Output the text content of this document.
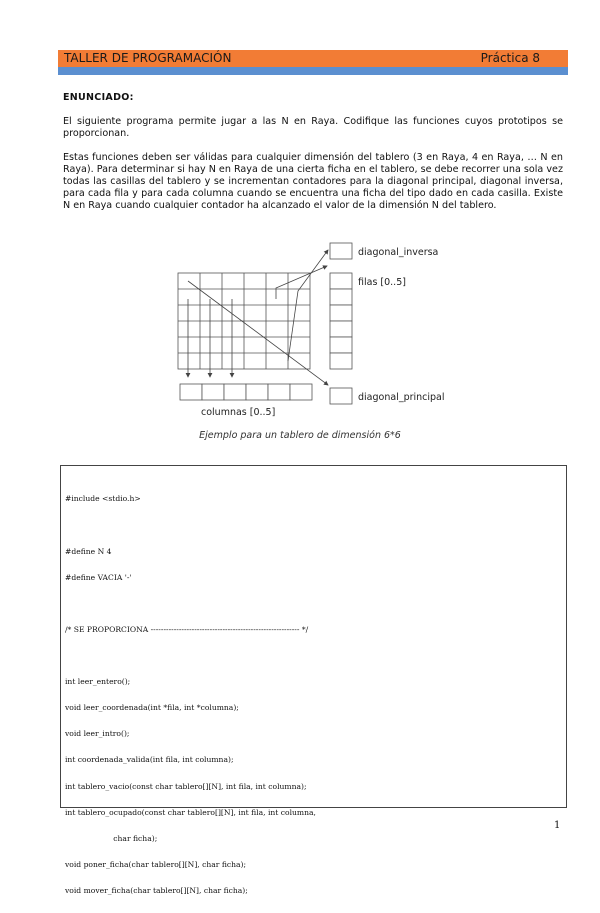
TALLER DE PROGRAMACIÓN	Práctica 8
ENUNCIADO:
El siguiente programa permite jugar a las N en Raya. Codifique las funciones cuyos prototipos se proporcionan.
Estas funciones deben ser válidas para cualquier dimensión del tablero (3 en Raya, 4 en Raya, … N en Raya). Para determinar si hay N en Raya de una cierta ficha en el tablero, se debe recorrer una sola vez todas las casillas del tablero y se incrementan contadores para la diagonal principal, diagonal inversa, para cada fila y para cada columna cuando se encuentra una ficha del tipo dado en cada casilla. Existe N en Raya cuando cualquier contador ha alcanzado el valor de la dimensión N del tablero.
diagonal_inversa
filas [0..5]
diagonal_principal
columnas [0..5]
Ejemplo para un tablero de dimensión 6*6

#include <stdio.h>

#define N 4

#define VACIA '-'

/* SE PROPORCIONA ---------------------------------------------------------- */

int leer_entero();

void leer_coordenada(int *fila, int *columna);

void leer_intro();

int coordenada_valida(int fila, int columna);

int tablero_vacio(const char tablero[][N], int fila, int columna);

int tablero_ocupado(const char tablero[][N], int fila, int columna,

char ficha);

void poner_ficha(char tablero[][N], char ficha);

void mover_ficha(char tablero[][N], char ficha);

1
